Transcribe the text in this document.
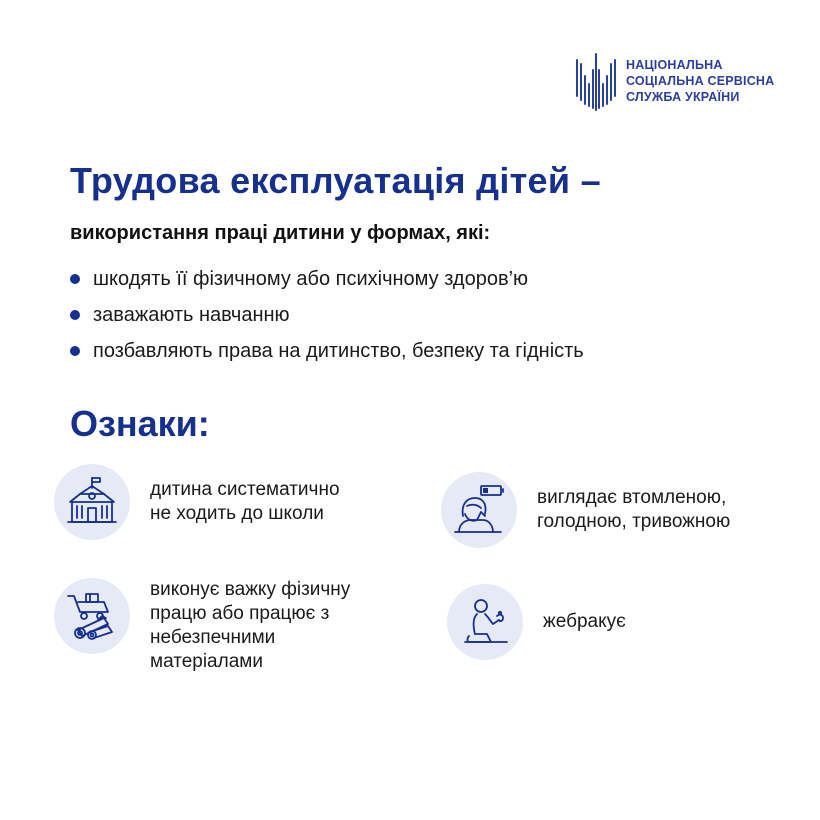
НАЦІОНАЛЬНА
СОЦІАЛЬНА СЕРВІСНА
СЛУЖБА УКРАЇНИ
Трудова експлуатація дітей –
використання праці дитини у формах, які:
шкодять її фізичному або психічному здоров’ю
заважають навчанню
позбавляють права на дитинство, безпеку та гідність
Ознаки:
дитина систематично
не ходить до школи
виглядає втомленою,
голодною, тривожною
виконує важку фізичну
працю або працює з
небезпечними
матеріалами
жебракує
